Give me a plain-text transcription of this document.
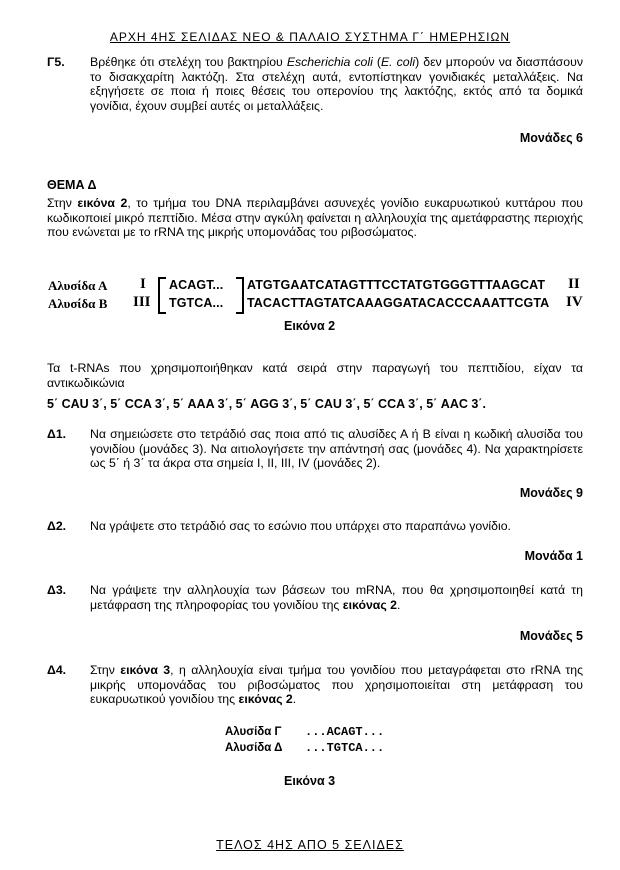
ΑΡΧΗ 4ΗΣ ΣΕΛΙΔΑΣ ΝΕΟ & ΠΑΛΑΙΟ ΣΥΣΤΗΜΑ Γ΄ ΗΜΕΡΗΣΙΩΝ
Γ5. Βρέθηκε ότι στελέχη του βακτηρίου Escherichia coli (E. coli) δεν μπορούν να διασπάσουν το δισακχαρίτη λακτόζη. Στα στελέχη αυτά, εντοπίστηκαν γονιδιακές μεταλλάξεις. Να εξηγήσετε σε ποια ή ποιες θέσεις του οπερονίου της λακτόζης, εκτός από τα δομικά γονίδια, έχουν συμβεί αυτές οι μεταλλάξεις.
Μονάδες 6
ΘΕΜΑ Δ
Στην εικόνα 2, το τμήμα του DNA περιλαμβάνει ασυνεχές γονίδιο ευκαρυωτικού κυττάρου που κωδικοποιεί μικρό πεπτίδιο. Μέσα στην αγκύλη φαίνεται η αλληλουχία της αμετάφραστης περιοχής που ενώνεται με το rRNA της μικρής υπομονάδας του ριβοσώματος.
Αλυσίδα Α I ACAGT... ATGTGAATCATAGTTTCCTATGTGGGTTTAAGCAT II
Αλυσίδα Β III TGTCA... TACACTTAGTATCAAAGGATACACCCAAATTCGTA IV
Εικόνα 2
Τα t-RNAs που χρησιμοποιήθηκαν κατά σειρά στην παραγωγή του πεπτιδίου, είχαν τα αντικωδικώνια
5΄ CAU 3΄, 5΄ CCA 3΄, 5΄ AAA 3΄, 5΄ AGG 3΄, 5΄ CAU 3΄, 5΄ CCA 3΄, 5΄ AAC 3΄.
Δ1. Να σημειώσετε στο τετράδιό σας ποια από τις αλυσίδες Α ή Β είναι η κωδική αλυσίδα του γονιδίου (μονάδες 3). Να αιτιολογήσετε την απάντησή σας (μονάδες 4). Να χαρακτηρίσετε ως 5΄ ή 3΄ τα άκρα στα σημεία I, II, III, IV (μονάδες 2).
Μονάδες 9
Δ2. Να γράψετε στο τετράδιό σας το εσώνιο που υπάρχει στο παραπάνω γονίδιο.
Μονάδα 1
Δ3. Να γράψετε την αλληλουχία των βάσεων του mRNA, που θα χρησιμοποιηθεί κατά τη μετάφραση της πληροφορίας του γονιδίου της εικόνας 2.
Μονάδες 5
Δ4. Στην εικόνα 3, η αλληλουχία είναι τμήμα του γονιδίου που μεταγράφεται στο rRNA της μικρής υπομονάδας του ριβοσώματος που χρησιμοποιείται στη μετάφραση του ευκαρυωτικού γονιδίου της εικόνας 2.
Αλυσίδα Γ ...ACAGT...
Αλυσίδα Δ ...TGTCA...
Εικόνα 3
ΤΕΛΟΣ 4ΗΣ ΑΠΟ 5 ΣΕΛΙΔΕΣ
